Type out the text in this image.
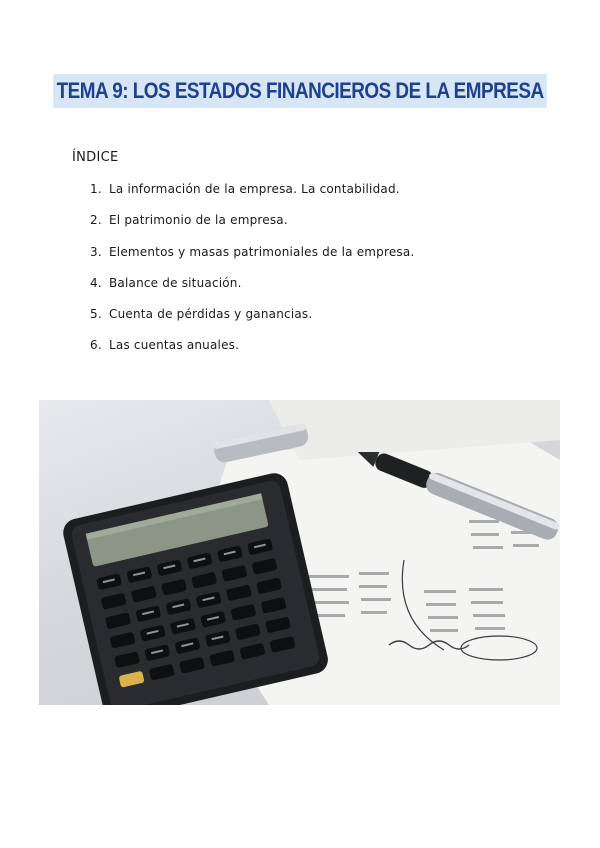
TEMA 9: LOS ESTADOS FINANCIEROS DE LA EMPRESA
ÍNDICE
1. La información de la empresa. La contabilidad.
2. El patrimonio de la empresa.
3. Elementos y masas patrimoniales de la empresa.
4. Balance de situación.
5. Cuenta de pérdidas y ganancias.
6. Las cuentas anuales.
